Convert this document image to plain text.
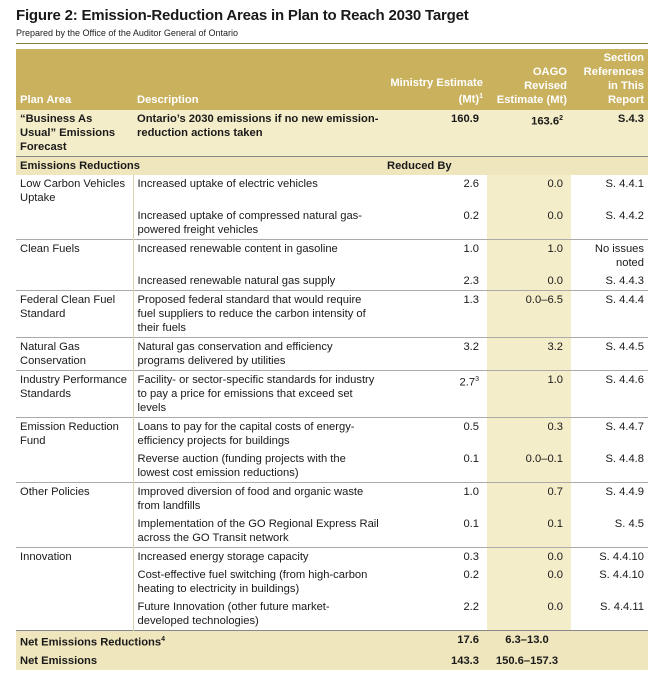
Figure 2: Emission-Reduction Areas in Plan to Reach 2030 Target
Prepared by the Office of the Auditor General of Ontario
Plan Area	Description	Ministry Estimate $(Mt)^1$	OAGO Revised Estimate (Mt)	Section References in This Report
“Business As Usual” Emissions Forecast	Ontario’s 2030 emissions if no new emission-reduction actions taken	160.9	163.6$^2$	S.4.3
Emissions Reductions		Reduced By		
Low Carbon Vehicles Uptake	Increased uptake of electric vehicles	2.6	0.0	S. 4.4.1
	Increased uptake of compressed natural gas-powered freight vehicles	0.2	0.0	S. 4.4.2
Clean Fuels	Increased renewable content in gasoline	1.0	1.0	No issues noted
	Increased renewable natural gas supply	2.3	0.0	S. 4.4.3
Federal Clean Fuel Standard	Proposed federal standard that would require fuel suppliers to reduce the carbon intensity of their fuels	1.3	0.0–6.5	S. 4.4.4
Natural Gas Conservation	Natural gas conservation and efficiency programs delivered by utilities	3.2	3.2	S. 4.4.5
Industry Performance Standards	Facility- or sector-specific standards for industry to pay a price for emissions that exceed set levels	$2.7^3$	1.0	S. 4.4.6
Emission Reduction Fund	Loans to pay for the capital costs of energy-efficiency projects for buildings	0.5	0.3	S. 4.4.7
	Reverse auction (funding projects with the lowest cost emission reductions)	0.1	0.0–0.1	S. 4.4.8
Other Policies	Improved diversion of food and organic waste from landfills	1.0	0.7	S. 4.4.9
	Implementation of the GO Regional Express Rail across the GO Transit network	0.1	0.1	S. 4.5
Innovation	Increased energy storage capacity	0.3	0.0	S. 4.4.10
	Cost-effective fuel switching (from high-carbon heating to electricity in buildings)	0.2	0.0	S. 4.4.10
	Future Innovation (other future market-developed technologies)	2.2	0.0	S. 4.4.11
Net Emissions Reductions$^4$		17.6	6.3–13.0	
Net Emissions		143.3	150.6–157.3	
